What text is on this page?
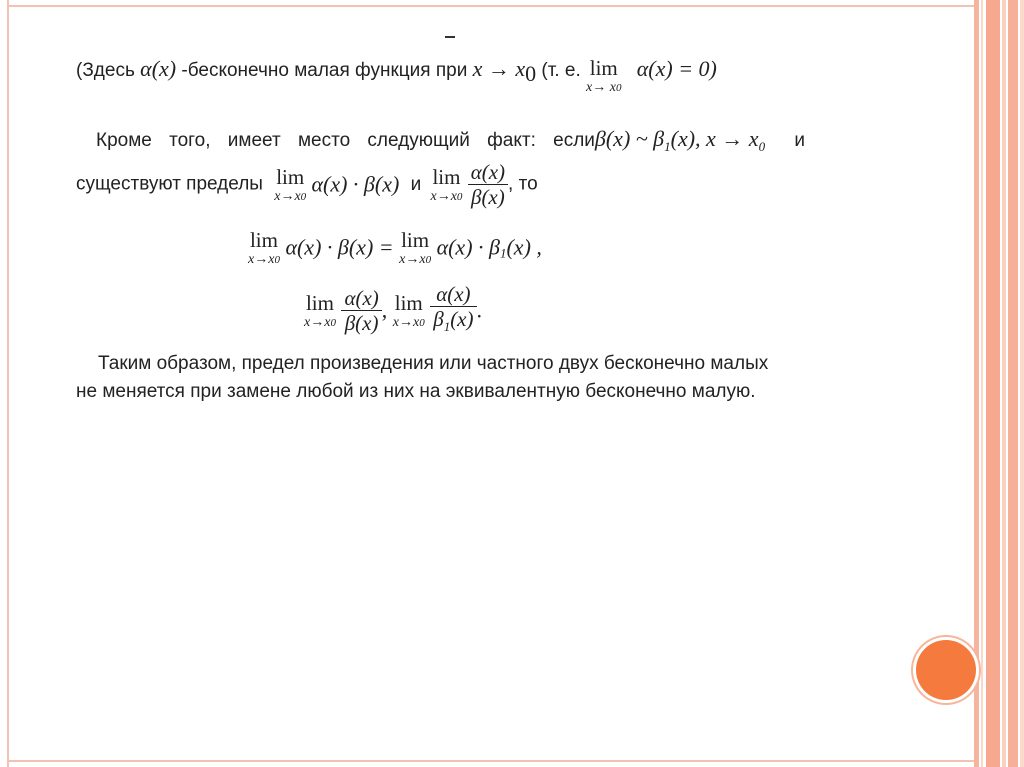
(Здесь α(x) -бесконечно малая функция при x → x0 (т. е. lim
x→ x0
α(x) = 0)
Кроме того, имеет место следующий факт: еслиβ(x) ~ $\beta_1(x)$, $x \to x_0$ и
существуют пределы lim
x→x0
α(x) · β(x) и lim
x→x0
$\frac{\alpha(x)}{\beta(x)}$ , то
lim
x→x0
α(x) · β(x) = lim
x→x0
$\alpha(x) \cdot \beta_1(x)$ ,
lim
x→x0
$\frac{\alpha(x)}{\beta(x)}$ , lim
x→x0
$\frac{\alpha(x)}{\beta_1(x)}$ .
Таким образом, предел произведения или частного двух бесконечно малых
не меняется при замене любой из них на эквивалентную бесконечно малую.
